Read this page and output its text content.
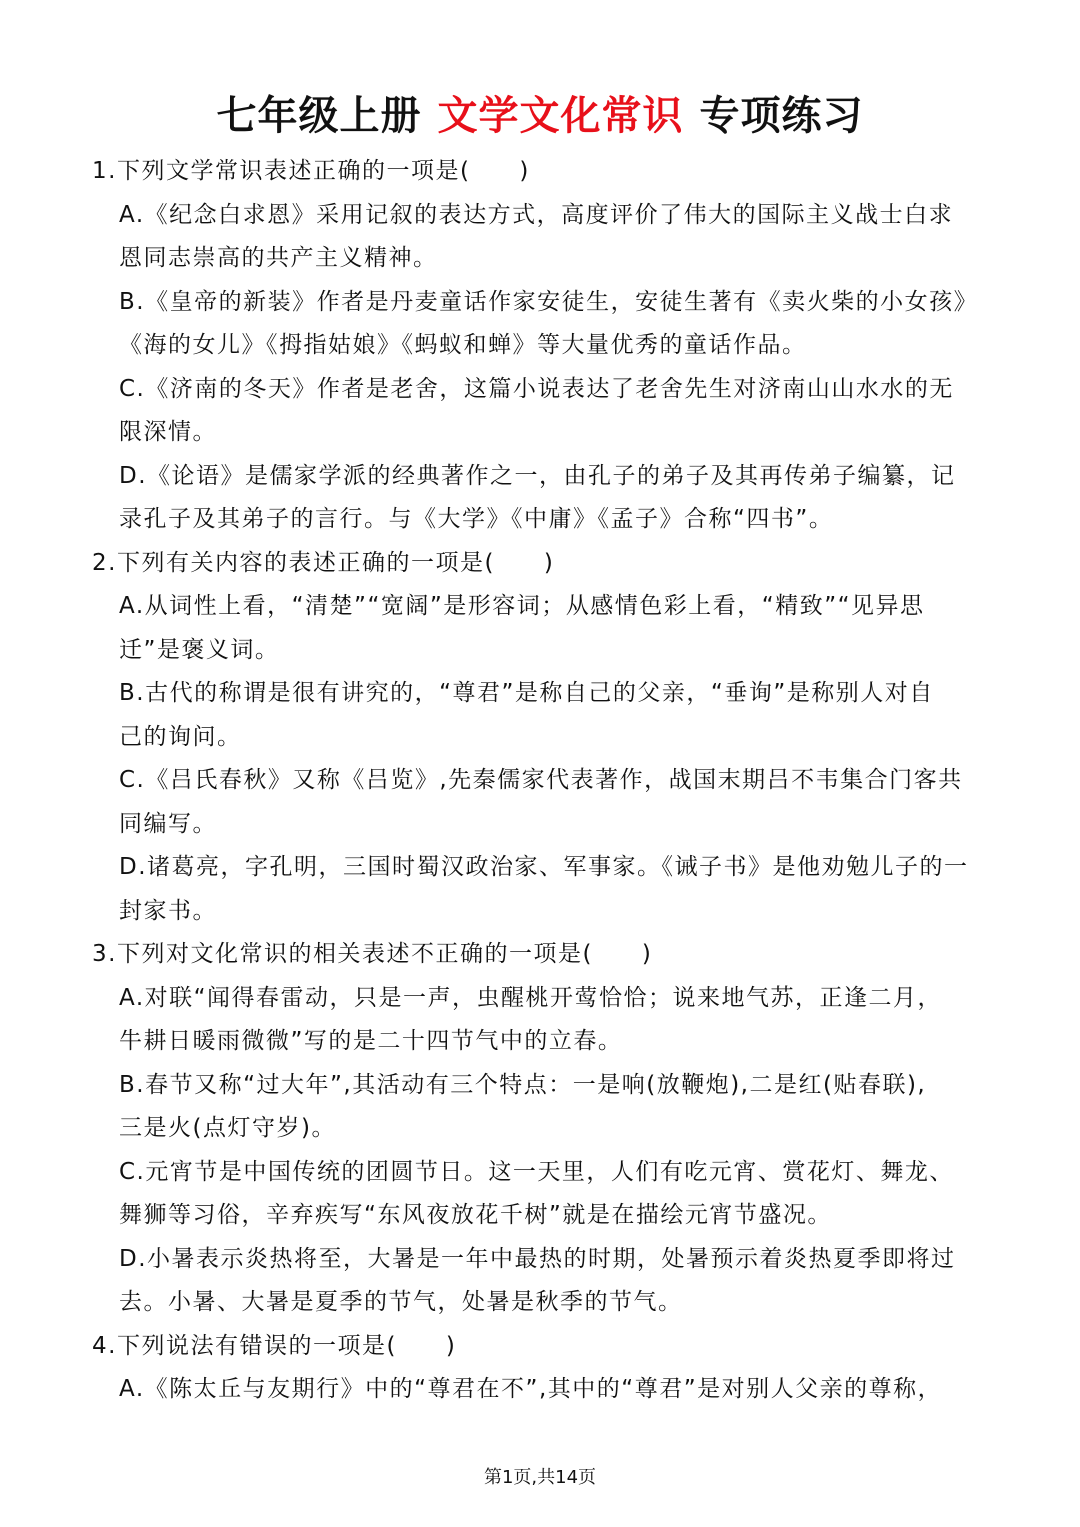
七年级上册 文学文化常识 专项练习
1.下列文学常识表述正确的一项是(　　)
A.《纪念白求恩》采用记叙的表达方式，高度评价了伟大的国际主义战士白求
恩同志崇高的共产主义精神。
B.《皇帝的新装》作者是丹麦童话作家安徒生，安徒生著有《卖火柴的小女孩》
《海的女儿》《拇指姑娘》《蚂蚁和蝉》等大量优秀的童话作品。
C.《济南的冬天》作者是老舍，这篇小说表达了老舍先生对济南山山水水的无
限深情。
D.《论语》是儒家学派的经典著作之一，由孔子的弟子及其再传弟子编纂，记
录孔子及其弟子的言行。与《大学》《中庸》《孟子》合称“四书”。
2.下列有关内容的表述正确的一项是(　　)
A.从词性上看，“清楚”“宽阔”是形容词；从感情色彩上看，“精致”“见异思
迁”是褒义词。
B.古代的称谓是很有讲究的，“尊君”是称自己的父亲，“垂询”是称别人对自
己的询问。
C.《吕氏春秋》又称《吕览》,先秦儒家代表著作，战国末期吕不韦集合门客共
同编写。
D.诸葛亮，字孔明，三国时蜀汉政治家、军事家。《诫子书》是他劝勉儿子的一
封家书。
3.下列对文化常识的相关表述不正确的一项是(　　)
A.对联“闻得春雷动，只是一声，虫醒桃开莺恰恰；说来地气苏，正逢二月，
牛耕日暖雨微微”写的是二十四节气中的立春。
B.春节又称“过大年”,其活动有三个特点：一是响(放鞭炮),二是红(贴春联),
三是火(点灯守岁)。
C.元宵节是中国传统的团圆节日。这一天里，人们有吃元宵、赏花灯、舞龙、
舞狮等习俗，辛弃疾写“东风夜放花千树”就是在描绘元宵节盛况。
D.小暑表示炎热将至，大暑是一年中最热的时期，处暑预示着炎热夏季即将过
去。小暑、大暑是夏季的节气，处暑是秋季的节气。
4.下列说法有错误的一项是(　　)
A.《陈太丘与友期行》中的“尊君在不”,其中的“尊君”是对别人父亲的尊称，
第1页,共14页
